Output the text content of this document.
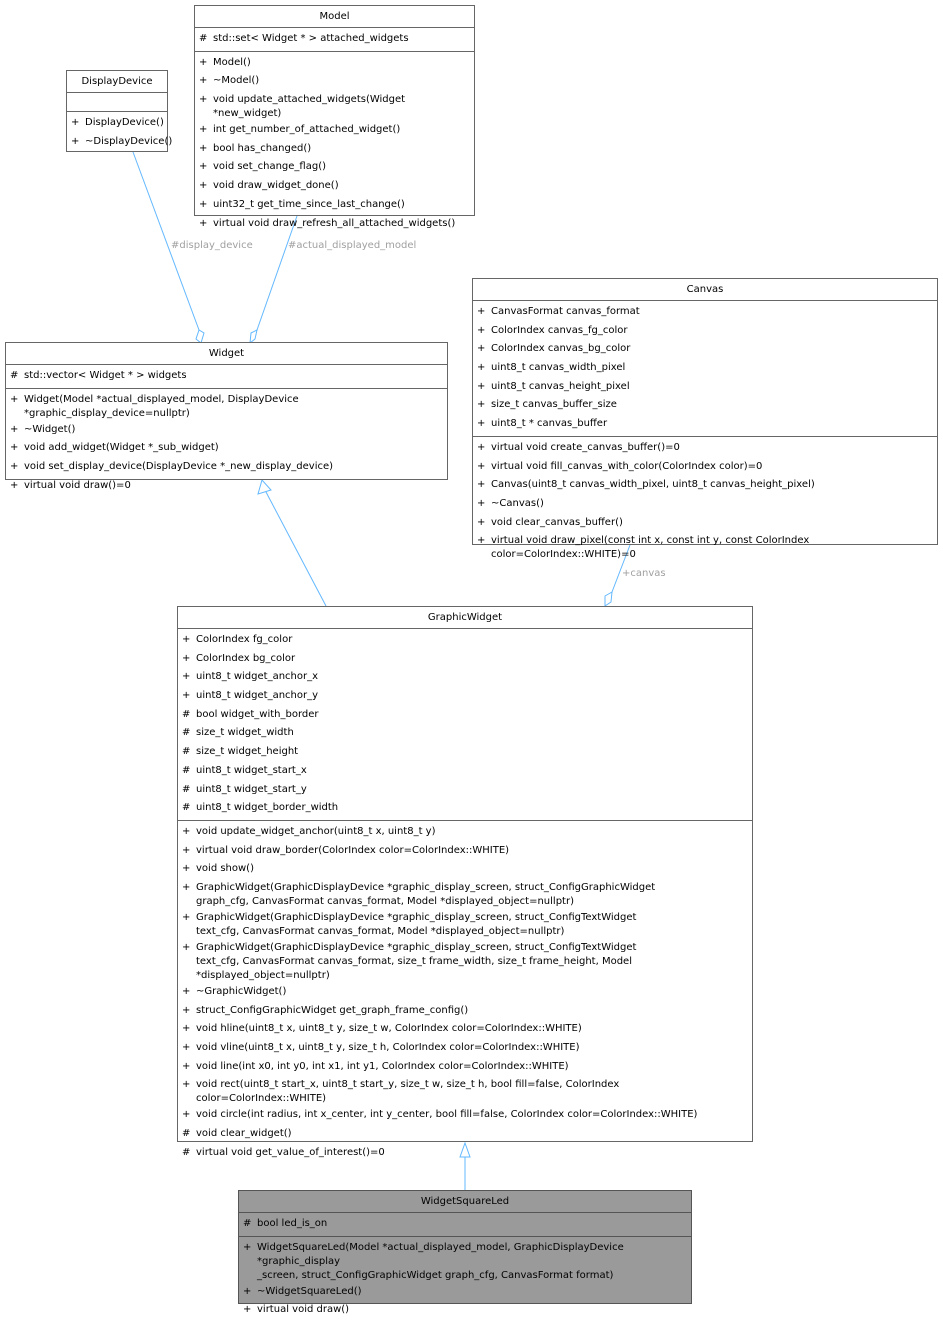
#display_device	#actual_displayed_model
+canvas
Model
# std::set< Widget * > attached_widgets
+ Model()
+ ~Model()
+ void update_attached_widgets(Widget *new_widget)
+ int get_number_of_attached_widget()
+ bool has_changed()
+ void set_change_flag()
+ void draw_widget_done()
+ uint32_t get_time_since_last_change()
+ virtual void draw_refresh_all_attached_widgets()
DisplayDevice
+ DisplayDevice()
+ ~DisplayDevice()
Widget
# std::vector< Widget * > widgets
+ Widget(Model *actual_displayed_model, DisplayDevice *graphic_display_device=nullptr)
+ ~Widget()
+ void add_widget(Widget *_sub_widget)
+ void set_display_device(DisplayDevice *_new_display_device)
+ virtual void draw()=0
Canvas
+ CanvasFormat canvas_format
+ ColorIndex canvas_fg_color
+ ColorIndex canvas_bg_color
+ uint8_t canvas_width_pixel
+ uint8_t canvas_height_pixel
+ size_t canvas_buffer_size
+ uint8_t * canvas_buffer
+ virtual void create_canvas_buffer()=0
+ virtual void fill_canvas_with_color(ColorIndex color)=0
+ Canvas(uint8_t canvas_width_pixel, uint8_t canvas_height_pixel)
+ ~Canvas()
+ void clear_canvas_buffer()
+ virtual void draw_pixel(const int x, const int y, const ColorIndex color=ColorIndex::WHITE)=0
GraphicWidget
+ ColorIndex fg_color
+ ColorIndex bg_color
+ uint8_t widget_anchor_x
+ uint8_t widget_anchor_y
# bool widget_with_border
# size_t widget_width
# size_t widget_height
# uint8_t widget_start_x
# uint8_t widget_start_y
# uint8_t widget_border_width
+ void update_widget_anchor(uint8_t x, uint8_t y)
+ virtual void draw_border(ColorIndex color=ColorIndex::WHITE)
+ void show()
+ GraphicWidget(GraphicDisplayDevice *graphic_display_screen, struct_ConfigGraphicWidget
graph_cfg, CanvasFormat canvas_format, Model *displayed_object=nullptr)
+ GraphicWidget(GraphicDisplayDevice *graphic_display_screen, struct_ConfigTextWidget
text_cfg, CanvasFormat canvas_format, Model *displayed_object=nullptr)
+ GraphicWidget(GraphicDisplayDevice *graphic_display_screen, struct_ConfigTextWidget
text_cfg, CanvasFormat canvas_format, size_t frame_width, size_t frame_height, Model *displayed_object=nullptr)
+ ~GraphicWidget()
+ struct_ConfigGraphicWidget get_graph_frame_config()
+ void hline(uint8_t x, uint8_t y, size_t w, ColorIndex color=ColorIndex::WHITE)
+ void vline(uint8_t x, uint8_t y, size_t h, ColorIndex color=ColorIndex::WHITE)
+ void line(int x0, int y0, int x1, int y1, ColorIndex color=ColorIndex::WHITE)
+ void rect(uint8_t start_x, uint8_t start_y, size_t w, size_t h, bool fill=false, ColorIndex color=ColorIndex::WHITE)
+ void circle(int radius, int x_center, int y_center, bool fill=false, ColorIndex color=ColorIndex::WHITE)
# void clear_widget()
# virtual void get_value_of_interest()=0
WidgetSquareLed
# bool led_is_on
+ WidgetSquareLed(Model *actual_displayed_model, GraphicDisplayDevice *graphic_display
_screen, struct_ConfigGraphicWidget graph_cfg, CanvasFormat format)
+ ~WidgetSquareLed()
+ virtual void draw()
